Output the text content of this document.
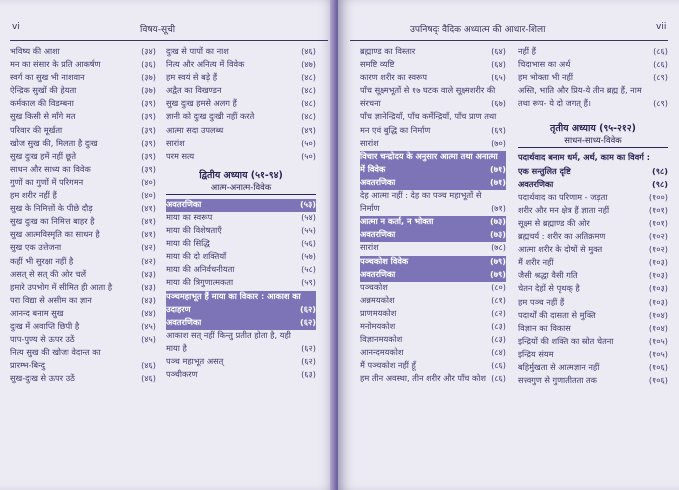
vi	विषय-सूची
भविष्य की आशा	(३४)
मन का संसार के प्रति आकर्षण	(३६)
स्वर्ग का सुख भी नाशवान	(३७)
ऐन्द्रिक सुखों की हेयता	(३७)
कर्मकाल की विडम्बना	(३९)
सुख किसी से माँगे मत	(३९)
परिवार की मूर्खता	(३९)
खोज सुख की, मिलता है दुःख	(३९)
सुख दुःख हमें नहीं छूते	(३९)
साधन और साध्य का विवेक	(३९)
गुणों का गुणों में परिगमन	(४०)
हम शरीर नहीं हैं	(४०)
सुख के निमित्तों के पीछे दौड़	(४१)
सुख दुःख का निमित्त बाहर है	(४१)
सुख आत्मविस्मृति का साधन है	(४१)
सुख एक उत्तेजना	(४२)
कहीं भी सुरक्षा नहीं है	(४२)
असत् से सत् की ओर चलें	(४३)
हमारे उपभोग में सीमित ही आता है	(४३)
परा विद्या से असीम का ज्ञान	(४३)
आनन्द बनाम सुख	(४४)
दुःख में अवाप्ति छिपी है	(४५)
पाप-पुण्य से ऊपर उठें	(४५)
नित्य सुख की खोजः वेदान्त का
प्रारम्भ-बिन्दु	(४६)
सुख-दुःख से ऊपर उठें	(४६)
दुःख से पापों का नाश	(४६)
नित्य और अनित्य में विवेक	(४७)
हम स्वयं से बड़े हैं	(४८)
अद्वैत का विखण्डन	(४८)
सुख दुःख हमसे अलग हैं	(४८)
ज्ञानी को दुःख दुःखी नहीं करते	(४८)
आत्मा सदा उपलब्ध	(४९)
सारांश	(५०)
परम सत्य	(५०)
द्वितीय अध्याय (५१-९४)
आत्म-अनात्म-विवेक
अवतरणिका	(५३)
माया का स्वरूप	(५४)
माया की विशेषताएँ	(५५)
माया की सिद्धि	(५६)
माया की दो शक्तियाँ	(५७)
माया की अनिर्वचनीयता	(५८)
माया की त्रिगुणात्मकता	(५९)
पञ्चमहाभूत हैं माया का विकार : आकाश का
उदाहरण	(६२)
अवतरणिका	(६२)
आकाश सत् नहीं किन्तु प्रतीत होता है, यही
माया है	(६२)
पञ्च महाभूत असत्	(६२)
पञ्चीकरण	(६३)
उपनिषद्ः वैदिक अध्यात्म की आधार-शिला	vii
ब्रह्माण्ड का विस्तार	(६४)
समष्टि व्यष्टि	(६४)
कारण शरीर का स्वरूप	(६५)
पाँच सूक्ष्मभूतों से १७ घटक वाले सूक्ष्मशरीर की
संरचना	(६७)
पाँच ज्ञानेन्द्रियाँ, पाँच कर्मेन्द्रियाँ, पाँच प्राण तथा
मन एवं बुद्धि का निर्माण	(६९)
सारांश	(७०)
विचार चन्द्रोदय के अनुसार आत्मा तथा अनात्मा
में विवेक	(७१)
अवतरणिका	(७१)
देह आत्मा नहीं : देह का पञ्च महाभूतों से
निर्माण	(७१)
आत्मा न कर्ता, न भोक्ता	(७३)
अवतरणिका	(७३)
सारांश	(७८)
पञ्चकोश विवेक	(७९)
अवतरणिका	(७९)
पञ्चकोश	(८०)
अन्नमयकोश	(८१)
प्राणमयकोश	(८२)
मनोमयकोश	(८३)
विज्ञानमयकोश	(८३)
आनन्दमयकोश	(८४)
मैं पञ्चकोश नहीं हूँ	(८६)
हम तीन अवस्था, तीन शरीर और पाँच कोश (८६)
नहीं हैं	(८६)
चिदाभास का अर्थ	(८६)
हम भोक्ता भी नहीं	(८९)
अस्ति, भाति और प्रिय-ये तीन ब्रह्म हैं, नाम
तथा रूप- ये दो जगत् हैं।	(८९)
तृतीय अध्याय (९५-२१२)
साधन-साध्य-विवेक
पदार्थवाद बनाम धर्म, अर्थ, काम का विवर्ग :
एक सन्तुलित दृष्टि	(९८)
अवतरणिका	(९८)
पदार्थवाद का परिणाम - जड़ता	(१००)
शरीर और मन क्षेत्र हैं ज्ञाता नहीं	(१०१)
सूक्ष्म से ब्रह्माण्ड की ओर	(१०१)
ब्रह्मचर्य : शरीर का अतिक्रमण	(१०२)
आत्मा शरीर के दोषों से मुक्त	(१०२)
मैं शरीर नहीं	(१०३)
जैसी श्रद्धा वैसी गति	(१०३)
चेतन देहों से पृथक् है	(१०३)
हम पञ्च नहीं हैं	(१०३)
पदार्थों की दासता से मुक्ति	(१०४)
विज्ञान का विकास	(१०४)
इन्द्रियों की शक्ति का स्रोत चेतना	(१०५)
इन्द्रिय संयम	(१०५)
बहिर्मुखता से आत्मज्ञान नहीं	(१०६)
सत्त्वगुण से गुणातीतता तक	(१०६)
